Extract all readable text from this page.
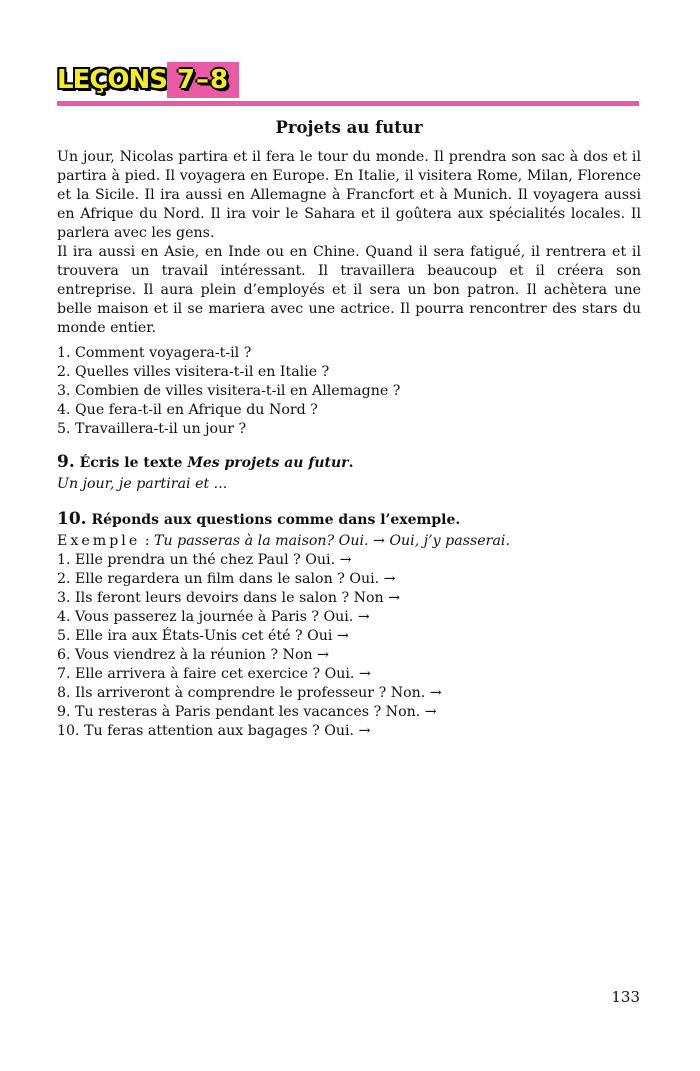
LEÇONS 7–8
Projets au futur

Un jour, Nicolas partira et il fera le tour du monde. Il prendra son sac à dos et il partira à pied. Il voyagera en Europe. En Italie, il visitera Rome, Milan, Florence et la Sicile. Il ira aussi en Allemagne à Francfort et à Munich. Il voyagera aussi en Afrique du Nord. Il ira voir le Sahara et il goûtera aux spécialités locales. Il parlera avec les gens.

Il ira aussi en Asie, en Inde ou en Chine. Quand il sera fatigué, il rentrera et il trouvera un travail intéressant. Il travaillera beaucoup et il créera son entreprise. Il aura plein d’employés et il sera un bon patron. Il achètera une belle maison et il se mariera avec une actrice. Il pourra rencontrer des stars du monde entier.

1. Comment voyagera-t-il ?
2. Quelles villes visitera-t-il en Italie ?
3. Combien de villes visitera-t-il en Allemagne ?
4. Que fera-t-il en Afrique du Nord ?
5. Travaillera-t-il un jour ?
9. Écris le texte Mes projets au futur.

Un jour, je partirai et ...

10. Réponds aux questions comme dans l’exemple.

Exemple : Tu passeras à la maison? Oui. → Oui, j’y passerai.

1. Elle prendra un thé chez Paul ? Oui. →
2. Elle regardera un film dans le salon ? Oui. →
3. Ils feront leurs devoirs dans le salon ? Non →
4. Vous passerez la journée à Paris ? Oui. →
5. Elle ira aux États-Unis cet été ? Oui →
6. Vous viendrez à la réunion ? Non →
7. Elle arrivera à faire cet exercice ? Oui. →
8. Ils arriveront à comprendre le professeur ? Non. →
9. Tu resteras à Paris pendant les vacances ? Non. →
10. Tu feras attention aux bagages ? Oui. →
133
